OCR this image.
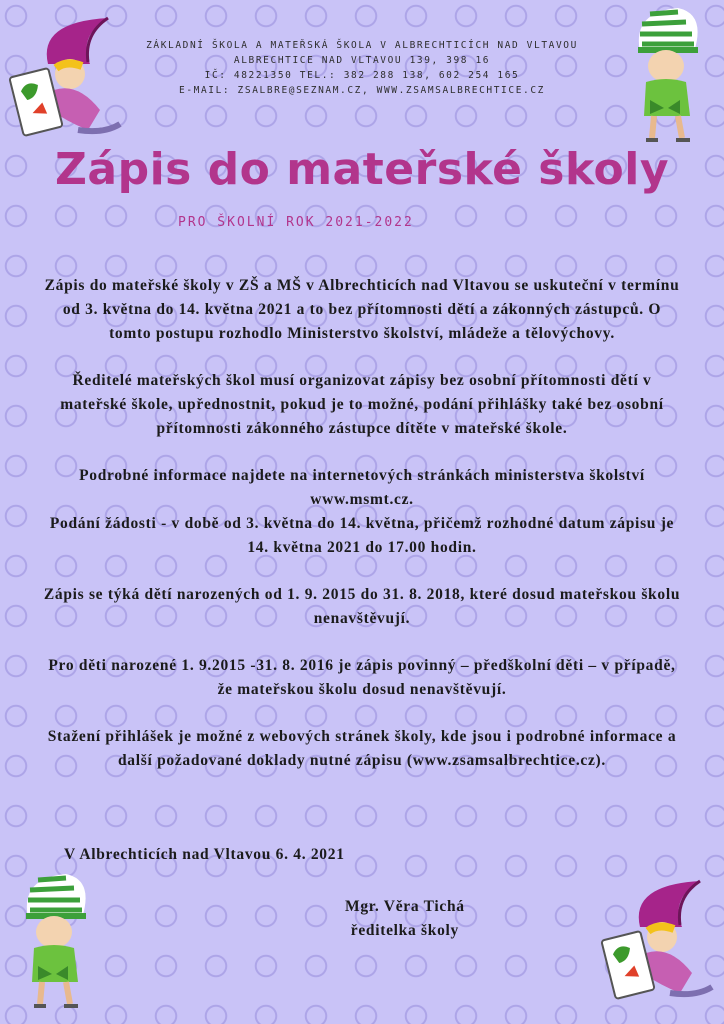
ZÁKLADNÍ ŠKOLA A MATEŘSKÁ ŠKOLA V ALBRECHTICÍCH NAD VLTAVOU
ALBRECHTICE NAD VLTAVOU 139, 398 16
IČ: 48221350 TEL.: 382 288 138, 602 254 165
E-MAIL: ZSALBRE@SEZNAM.CZ, WWW.ZSAMSALBRECHTICE.CZ
Zápis do mateřské školy
PRO ŠKOLNÍ ROK 2021-2022

Zápis do mateřské školy v ZŠ a MŠ v Albrechticích nad Vltavou se uskuteční v termínu od 3. května do 14. května 2021 a to bez přítomnosti dětí a zákonných zástupců. O tomto postupu rozhodlo Ministerstvo školství, mládeže a tělovýchovy.

Ředitelé mateřských škol musí organizovat zápisy bez osobní přítomnosti dětí v mateřské škole, upřednostnit, pokud je to možné, podání přihlášky také bez osobní přítomnosti zákonného zástupce dítěte v mateřské škole.

Podrobné informace najdete na internetových stránkách ministerstva školství www.msmt.cz.
Podání žádosti - v době od 3. května do 14. května, přičemž rozhodné datum zápisu je 14. května 2021 do 17.00 hodin.

Zápis se týká dětí narozených od 1. 9. 2015 do 31. 8. 2018, které dosud mateřskou školu nenavštěvují.

Pro děti narozené 1. 9.2015 -31. 8. 2016 je zápis povinný – předškolní děti – v případě, že mateřskou školu dosud nenavštěvují.

Stažení přihlášek je možné z webových stránek školy, kde jsou i podrobné informace a další požadované doklady nutné zápisu (www.zsamsalbrechtice.cz).

V Albrechticích nad Vltavou 6. 4. 2021
Mgr. Věra Tichá
ředitelka školy
